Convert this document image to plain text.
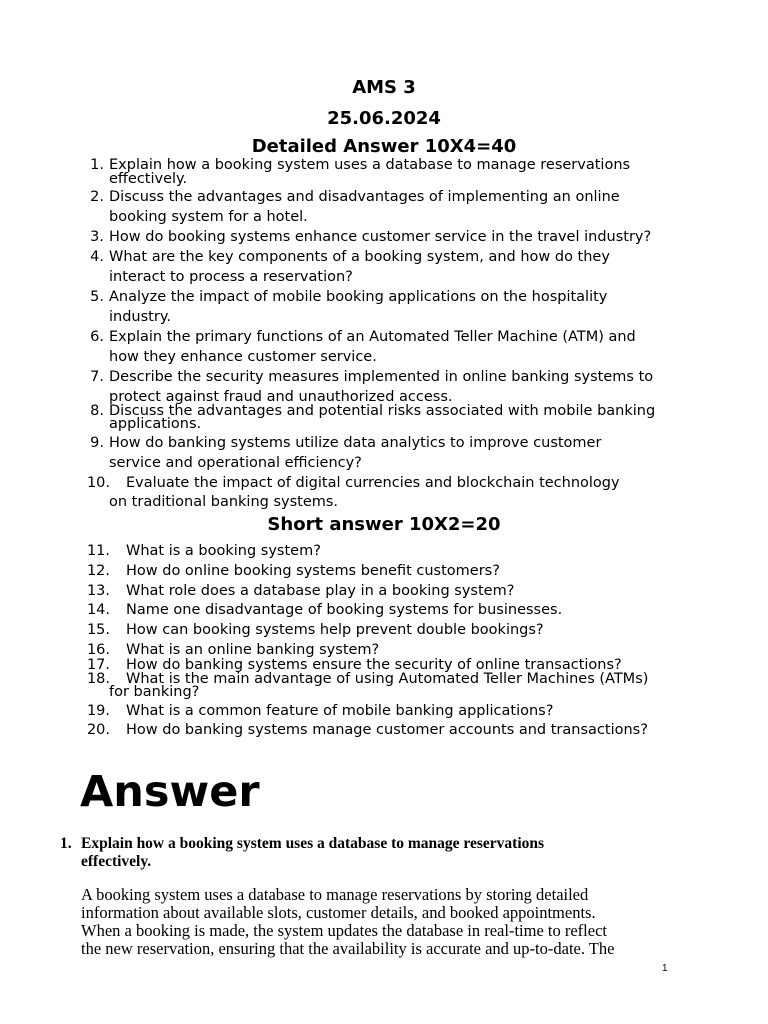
AMS 3
25.06.2024
Detailed Answer 10X4=40
1. Explain how a booking system uses a database to manage reservations
effectively.
2. Discuss the advantages and disadvantages of implementing an online
booking system for a hotel.
3. How do booking systems enhance customer service in the travel industry?
4. What are the key components of a booking system, and how do they
interact to process a reservation?
5. Analyze the impact of mobile booking applications on the hospitality
industry.
6. Explain the primary functions of an Automated Teller Machine (ATM) and
how they enhance customer service.
7. Describe the security measures implemented in online banking systems to
protect against fraud and unauthorized access.
8. Discuss the advantages and potential risks associated with mobile banking
applications.
9. How do banking systems utilize data analytics to improve customer
service and operational efficiency?
10. Evaluate the impact of digital currencies and blockchain technology
on traditional banking systems.
Short answer 10X2=20
11. What is a booking system?
12. How do online booking systems benefit customers?
13. What role does a database play in a booking system?
14. Name one disadvantage of booking systems for businesses.
15. How can booking systems help prevent double bookings?
16. What is an online banking system?
17. How do banking systems ensure the security of online transactions?
18. What is the main advantage of using Automated Teller Machines (ATMs)
for banking?
19. What is a common feature of mobile banking applications?
20. How do banking systems manage customer accounts and transactions?
Answer
1. Explain how a booking system uses a database to manage reservations
effectively.
A booking system uses a database to manage reservations by storing detailed
information about available slots, customer details, and booked appointments.
When a booking is made, the system updates the database in real-time to reflect
the new reservation, ensuring that the availability is accurate and up-to-date. The
1
